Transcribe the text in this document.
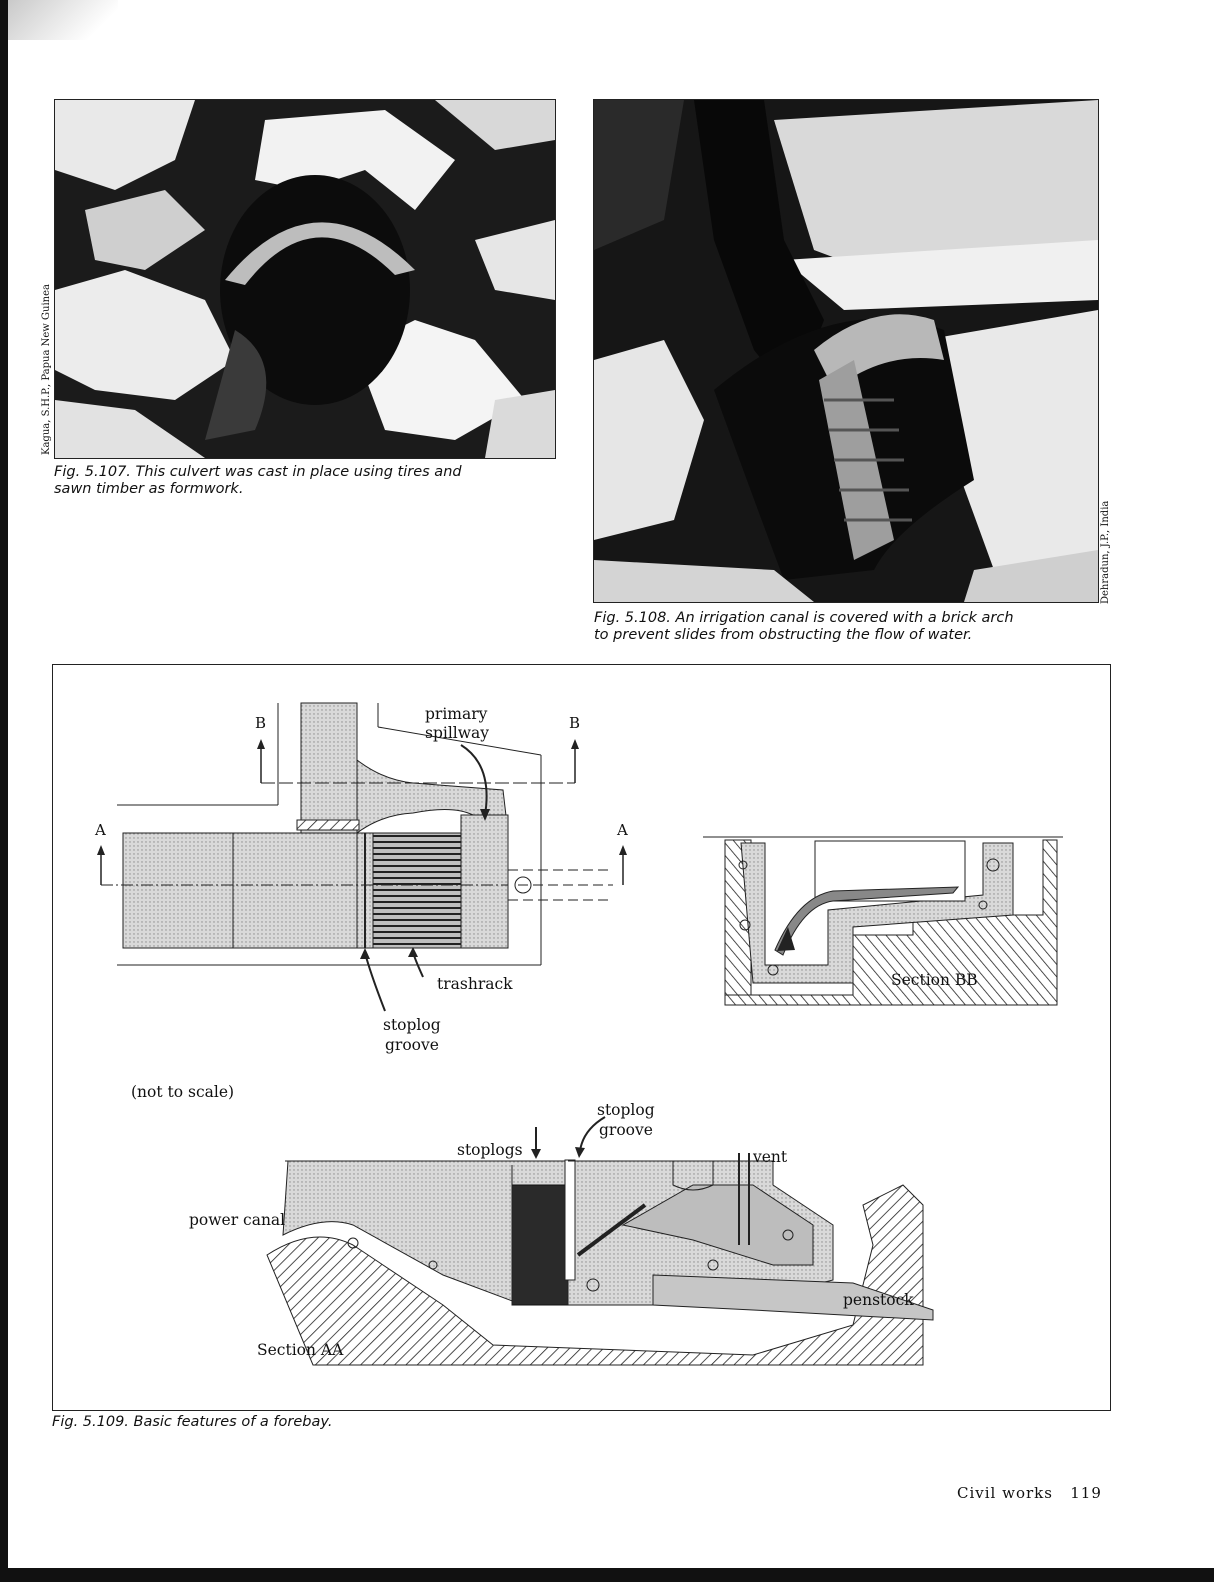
Kagua, S.H.P., Papua New Guinea
Fig. 5.107. This culvert was cast in place using tires and
sawn timber as formwork.
Dehradun, J.P., India
Fig. 5.108. An irrigation canal is covered with a brick arch
to prevent slides from obstructing the flow of water.
B	B
A	A
primary
spillway
trashrack
stoplog
groove
Section BB
(not to scale)
stoplog
groove
stoplogs	vent
power canal
penstock
Section AA
Fig. 5.109. Basic features of a forebay.
Civil works 119
